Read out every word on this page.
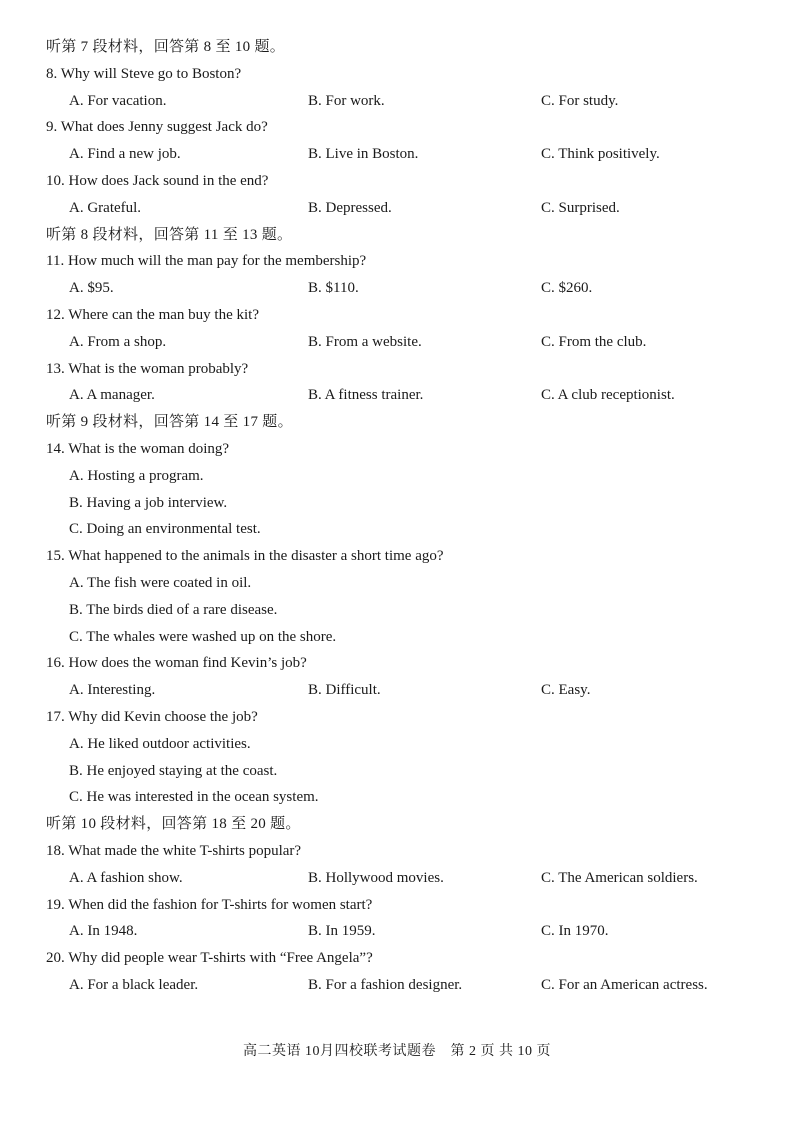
听第 7 段材料，回答第 8 至 10 题。
8. Why will Steve go to Boston?
A. For vacation.	B. For work.	C. For study.
9. What does Jenny suggest Jack do?
A. Find a new job.	B. Live in Boston.	C. Think positively.
10. How does Jack sound in the end?
A. Grateful.	B. Depressed.	C. Surprised.
听第 8 段材料，回答第 11 至 13 题。
11. How much will the man pay for the membership?
A. $95.	B. $110.	C. $260.
12. Where can the man buy the kit?
A. From a shop.	B. From a website.	C. From the club.
13. What is the woman probably?
A. A manager.	B. A fitness trainer.	C. A club receptionist.
听第 9 段材料，回答第 14 至 17 题。
14. What is the woman doing?
A. Hosting a program.
B. Having a job interview.
C. Doing an environmental test.
15. What happened to the animals in the disaster a short time ago?
A. The fish were coated in oil.
B. The birds died of a rare disease.
C. The whales were washed up on the shore.
16. How does the woman find Kevin’s job?
A. Interesting.	B. Difficult.	C. Easy.
17. Why did Kevin choose the job?
A. He liked outdoor activities.
B. He enjoyed staying at the coast.
C. He was interested in the ocean system.
听第 10 段材料，回答第 18 至 20 题。
18. What made the white T-shirts popular?
A. A fashion show.	B. Hollywood movies.	C. The American soldiers.
19. When did the fashion for T-shirts for women start?
A. In 1948.	B. In 1959.	C. In 1970.
20. Why did people wear T-shirts with “Free Angela”?
A. For a black leader.	B. For a fashion designer.	C. For an American actress.
高二英语 10月四校联考试题卷　第 2 页 共 10 页
